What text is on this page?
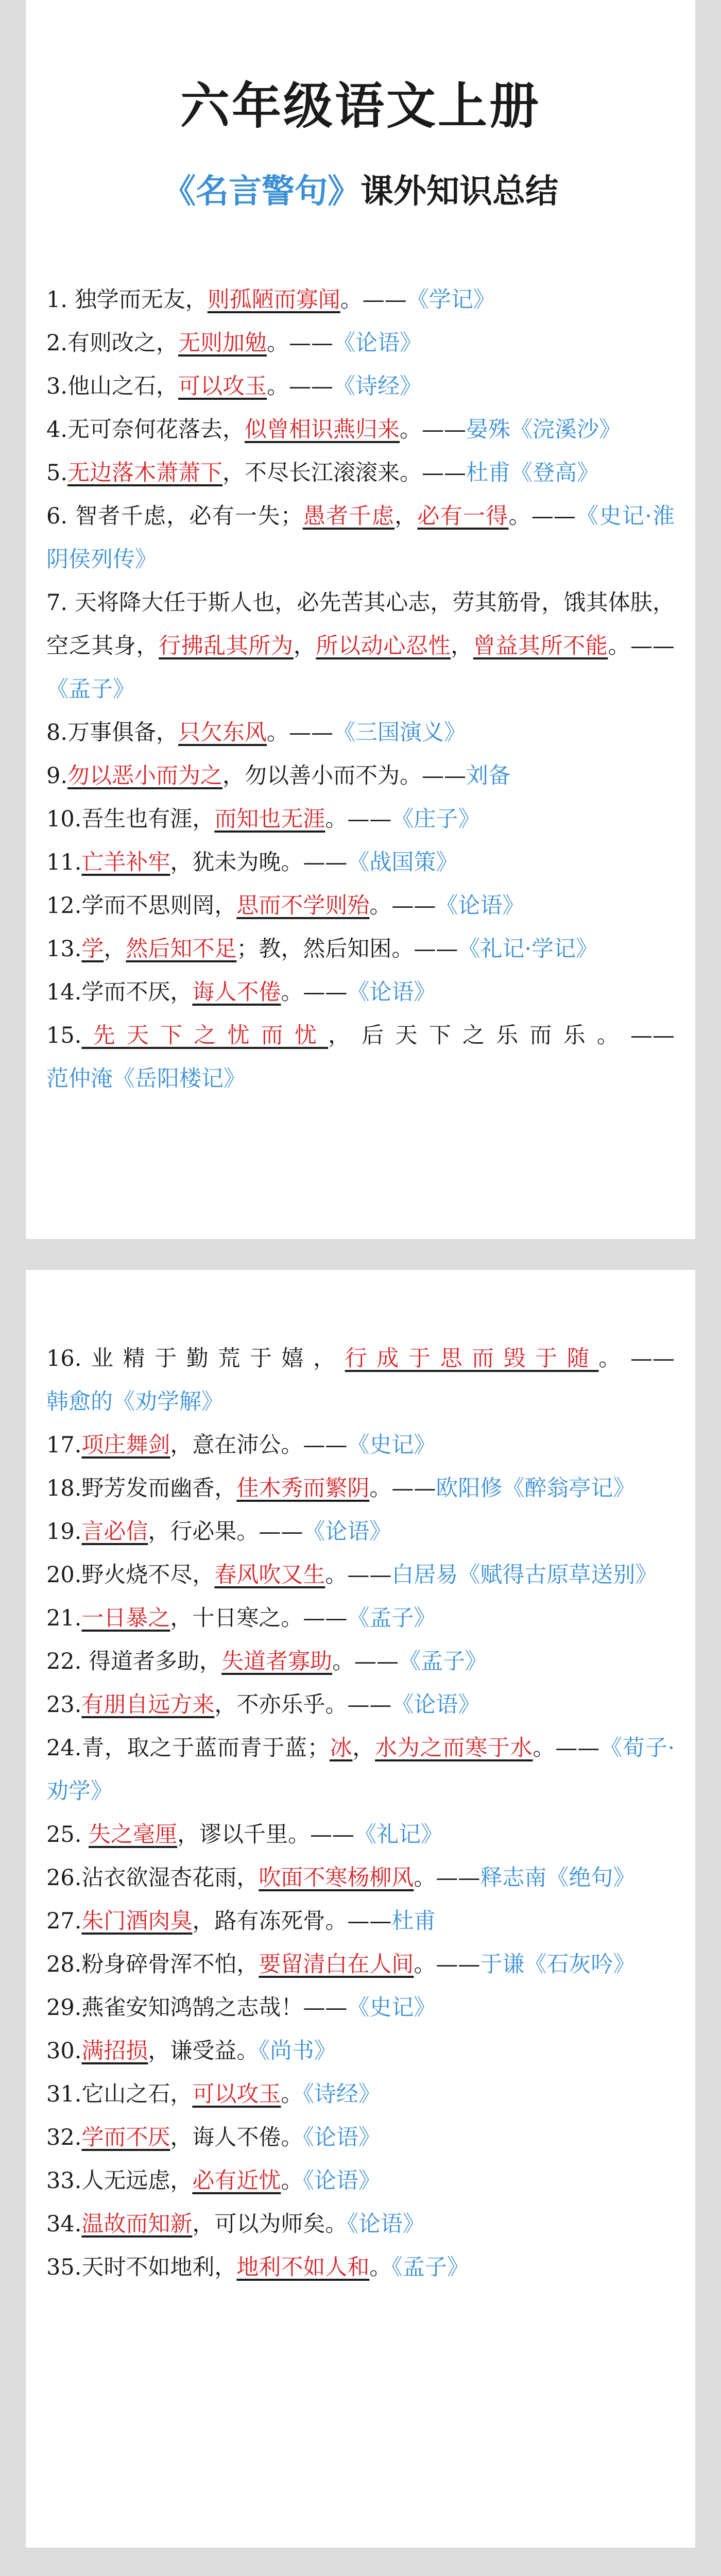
六年级语文上册
《名言警句》课外知识总结
1. 独学而无友，则孤陋而寡闻。——《学记》
2.有则改之，无则加勉。——《论语》
3.他山之石，可以攻玉。——《诗经》
4.无可奈何花落去，似曾相识燕归来。——晏殊《浣溪沙》
5.无边落木萧萧下，不尽长江滚滚来。——杜甫《登高》
6. 智者千虑，必有一失；愚者千虑，必有一得。——《史记·淮阴侯列传》
7. 天将降大任于斯人也，必先苦其心志，劳其筋骨，饿其体肤，空乏其身，行拂乱其所为，所以动心忍性，曾益其所不能。——《孟子》
8.万事俱备，只欠东风。——《三国演义》
9.勿以恶小而为之，勿以善小而不为。——刘备
10.吾生也有涯，而知也无涯。——《庄子》
11.亡羊补牢，犹未为晚。——《战国策》
12.学而不思则罔，思而不学则殆。——《论语》
13.学，然后知不足；教，然后知困。——《礼记·学记》
14.学而不厌，诲人不倦。——《论语》
15.先天下之忧而忧，后天下之乐而乐。——范仲淹《岳阳楼记》
16.业精于勤荒于嬉，行成于思而毁于随。——韩愈的《劝学解》
17.项庄舞剑，意在沛公。——《史记》
18.野芳发而幽香，佳木秀而繁阴。——欧阳修《醉翁亭记》
19.言必信，行必果。——《论语》
20.野火烧不尽，春风吹又生。——白居易《赋得古原草送别》
21.一日暴之，十日寒之。——《孟子》
22. 得道者多助，失道者寡助。——《孟子》
23.有朋自远方来，不亦乐乎。——《论语》
24.青，取之于蓝而青于蓝；冰，水为之而寒于水。——《荀子·劝学》
25. 失之毫厘，谬以千里。——《礼记》
26.沾衣欲湿杏花雨，吹面不寒杨柳风。——释志南《绝句》
27.朱门酒肉臭，路有冻死骨。——杜甫
28.粉身碎骨浑不怕，要留清白在人间。——于谦《石灰吟》
29.燕雀安知鸿鹄之志哉！——《史记》
30.满招损，谦受益。《尚书》
31.它山之石，可以攻玉。《诗经》
32.学而不厌，诲人不倦。《论语》
33.人无远虑，必有近忧。《论语》
34.温故而知新，可以为师矣。《论语》
35.天时不如地利，地利不如人和。《孟子》
